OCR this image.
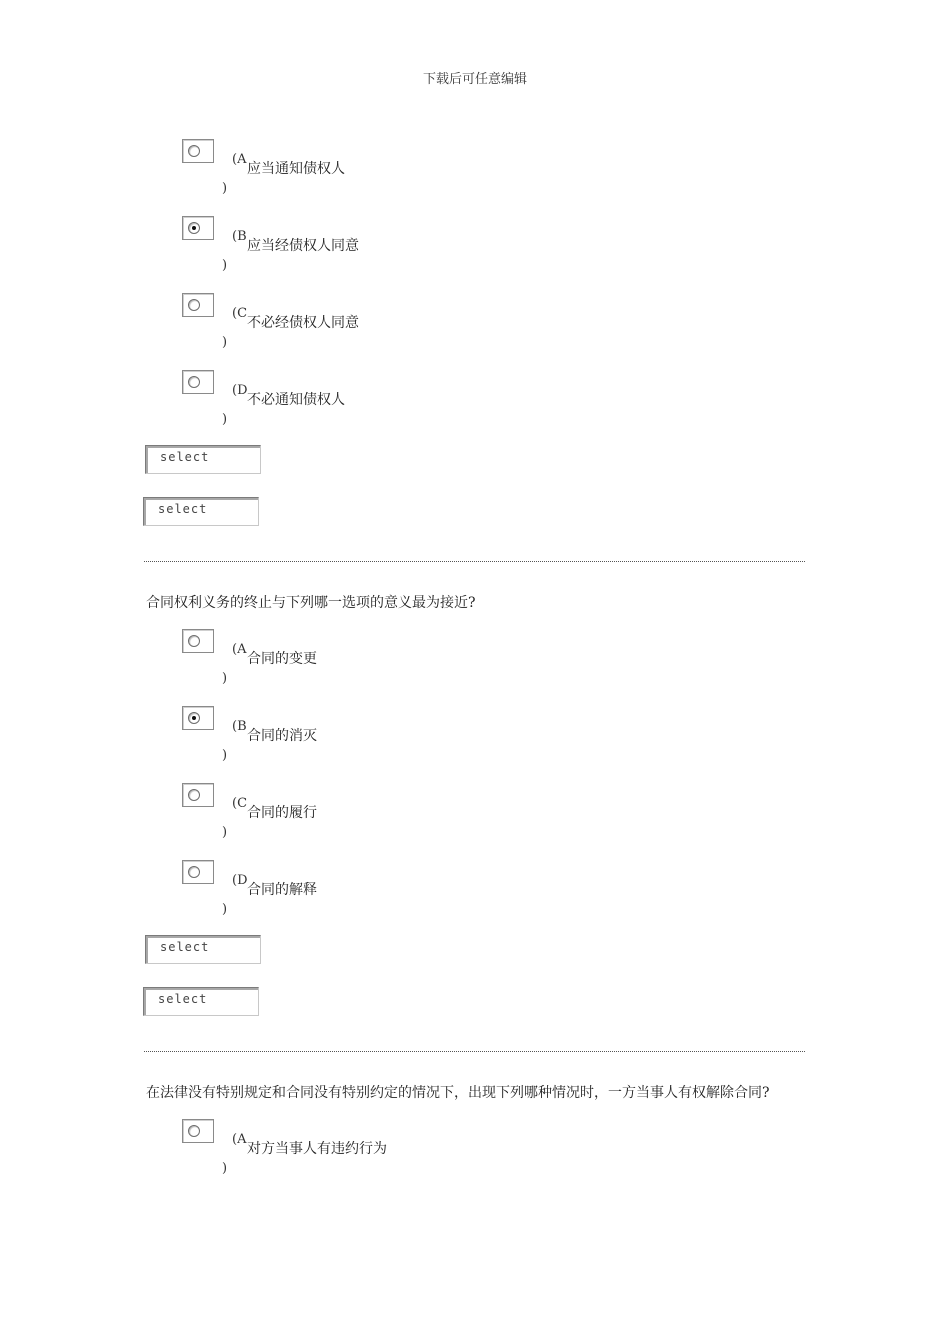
下载后可任意编辑
(A
应当通知债权人
)
(B
应当经债权人同意
)
(C
不必经债权人同意
)
(D
不必通知债权人
)
select
select
合同权利义务的终止与下列哪一选项的意义最为接近?
(A
合同的变更
)
(B
合同的消灭
)
(C
合同的履行
)
(D
合同的解释
)
select
select
在法律没有特别规定和合同没有特别约定的情况下，出现下列哪种情况时，一方当事人有权解除合同?
(A
对方当事人有违约行为
)
